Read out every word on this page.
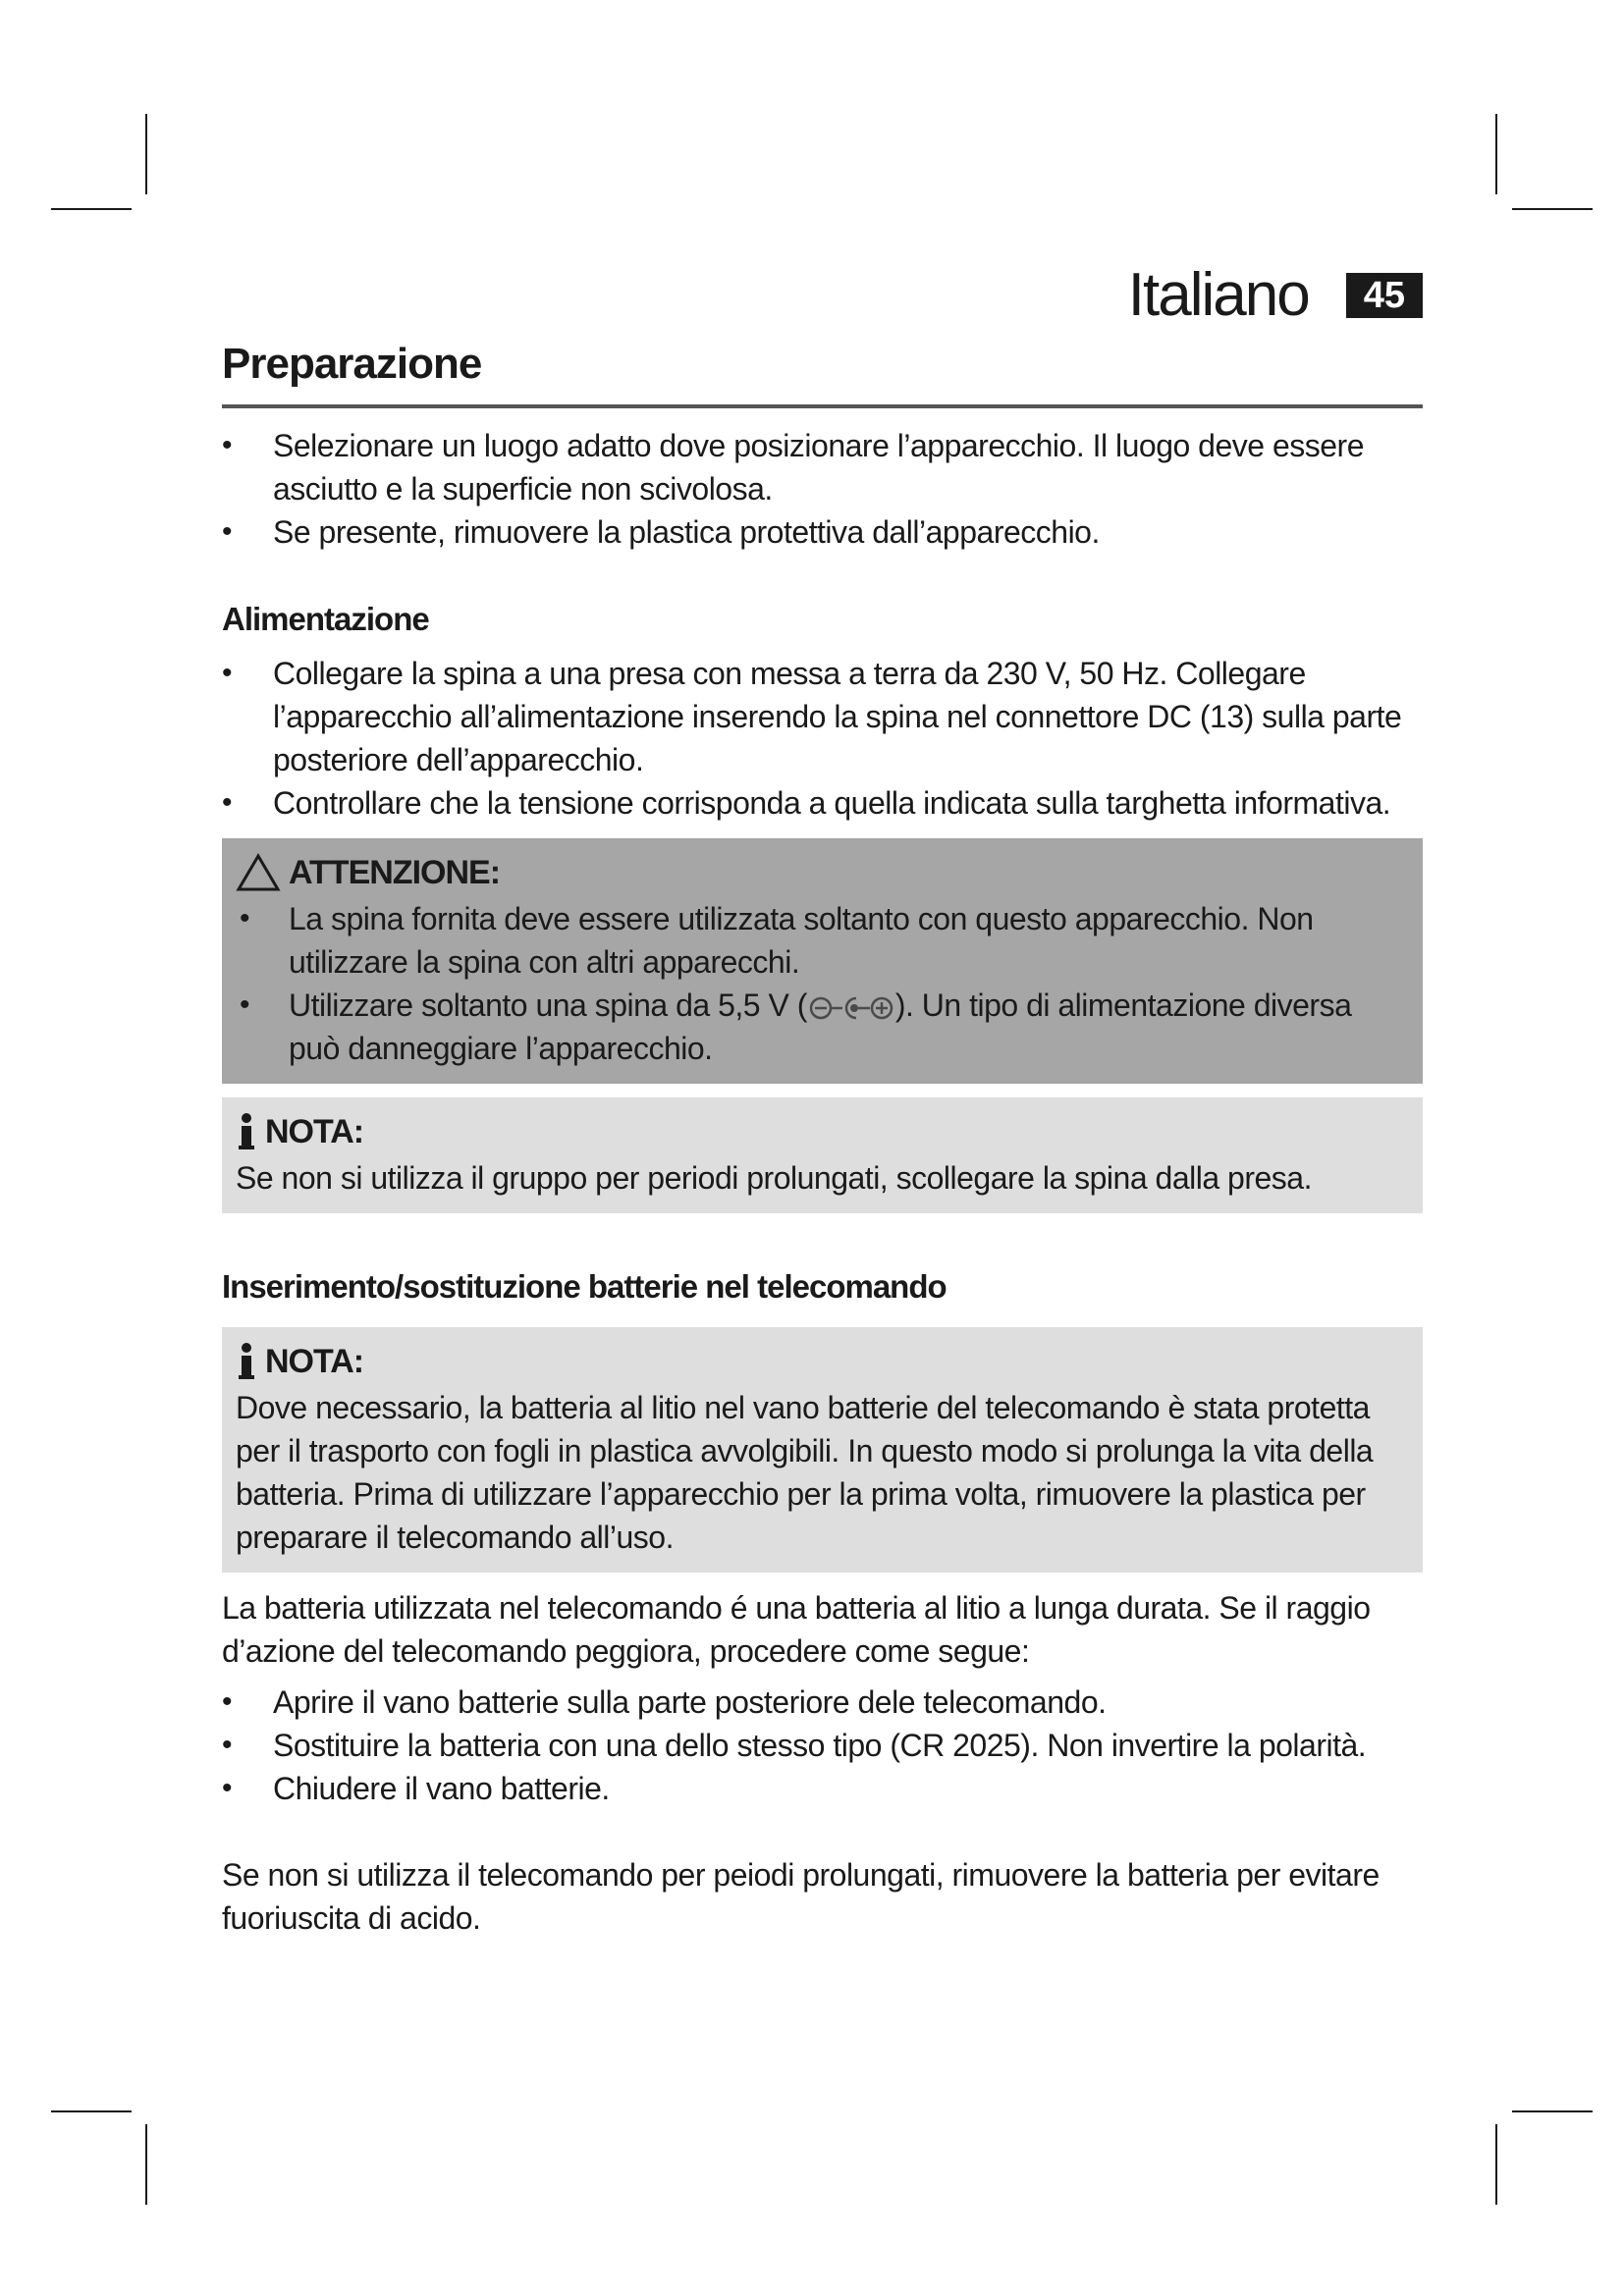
Italiano	45
Preparazione
• Selezionare un luogo adatto dove posizionare l’apparecchio. Il luogo deve essere asciutto e la superficie non scivolosa.
• Se presente, rimuovere la plastica protettiva dall’apparecchio.
Alimentazione
• Collegare la spina a una presa con messa a terra da 230 V, 50 Hz. Collegare l’apparecchio all’alimentazione inserendo la spina nel connettore DC (13) sulla parte posteriore dell’apparecchio.
• Controllare che la tensione corrisponda a quella indicata sulla targhetta informativa.
ATTENZIONE:
• La spina fornita deve essere utilizzata soltanto con questo apparecchio. Non utilizzare la spina con altri apparecchi.
• Utilizzare soltanto una spina da 5,5 V (	). Un tipo di alimentazione diversa può danneggiare l’apparecchio.
NOTA:

Se non si utilizza il gruppo per periodi prolungati, scollegare la spina dalla presa.

Inserimento/sostituzione batterie nel telecomando
NOTA:

Dove necessario, la batteria al litio nel vano batterie del telecomando è stata protetta per il trasporto con fogli in plastica avvolgibili. In questo modo si prolunga la vita della batteria. Prima di utilizzare l’apparecchio per la prima volta, rimuovere la plastica per preparare il telecomando all’uso.

La batteria utilizzata nel telecomando é una batteria al litio a lunga durata. Se il raggio d’azione del telecomando peggiora, procedere come segue:

• Aprire il vano batterie sulla parte posteriore dele telecomando.
• Sostituire la batteria con una dello stesso tipo (CR 2025). Non invertire la polarità.
• Chiudere il vano batterie.

Se non si utilizza il telecomando per peiodi prolungati, rimuovere la batteria per evitare fuoriuscita di acido.
